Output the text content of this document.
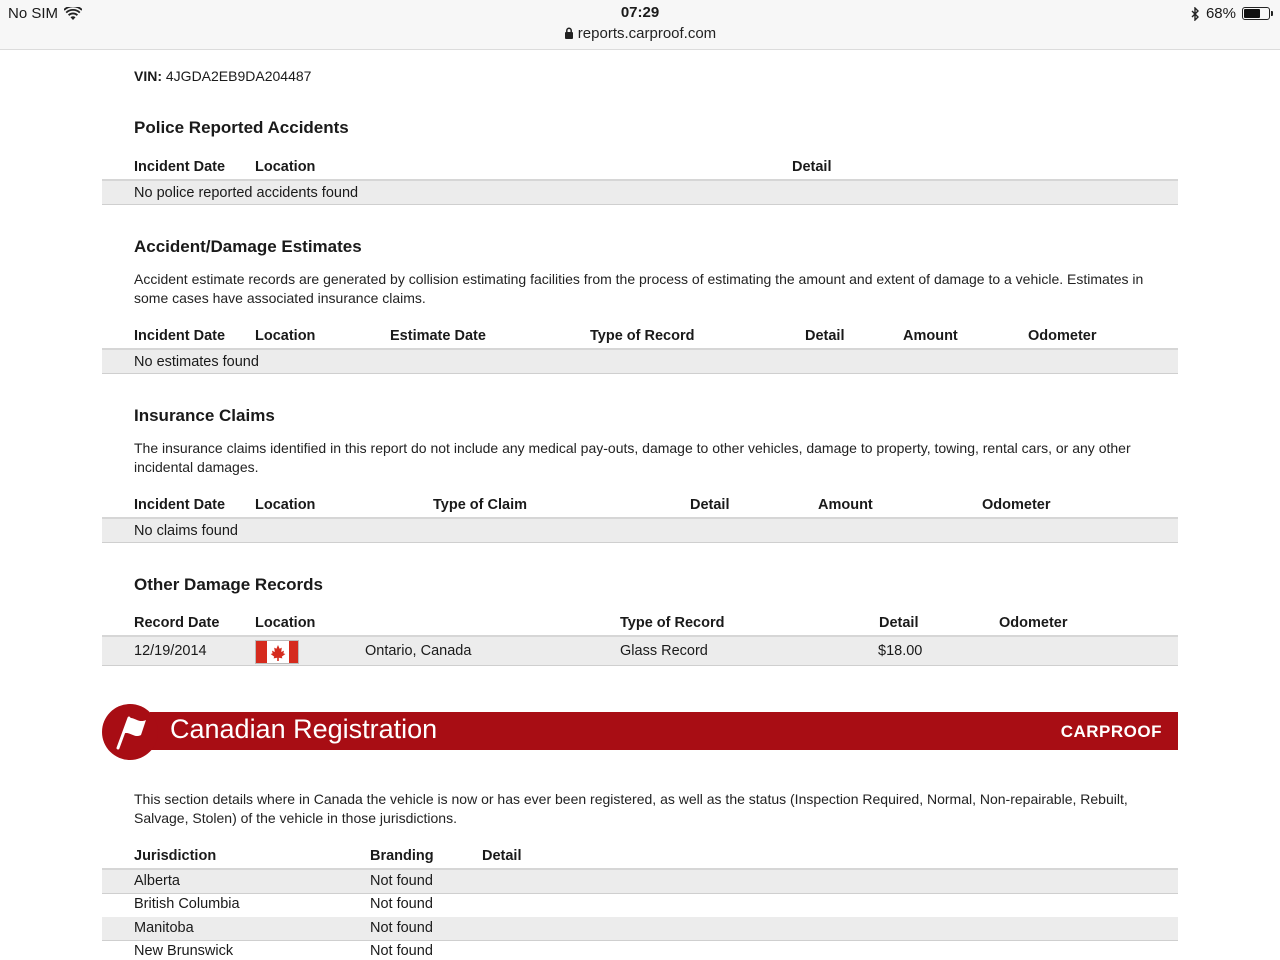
No SIM	07:29
reports.carproof.com
68%
VIN: 4JGDA2EB9DA204487
Police Reported Accidents
Incident Date Location	Detail
No police reported accidents found
Accident/Damage Estimates
Accident estimate records are generated by collision estimating facilities from the process of estimating the amount and extent of damage to a vehicle. Estimates in some cases have associated insurance claims.
Incident Date Location	Estimate Date	Type of Record	Detail	Amount	Odometer
No estimates found
Insurance Claims
The insurance claims identified in this report do not include any medical pay-outs, damage to other vehicles, damage to property, towing, rental cars, or any other incidental damages.
Incident Date Location	Type of Claim	Detail	Amount	Odometer
No claims found
Other Damage Records
Record Date Location	Type of Record	Detail	Odometer
12/19/2014	Ontario, Canada	Glass Record	$18.00
Canadian Registration	CARPROOF
This section details where in Canada the vehicle is now or has ever been registered, as well as the status (Inspection Required, Normal, Non-repairable, Rebuilt, Salvage, Stolen) of the vehicle in those jurisdictions.
Jurisdiction	Branding	Detail
Alberta	Not found
British Columbia	Not found
Manitoba	Not found
New Brunswick	Not found
